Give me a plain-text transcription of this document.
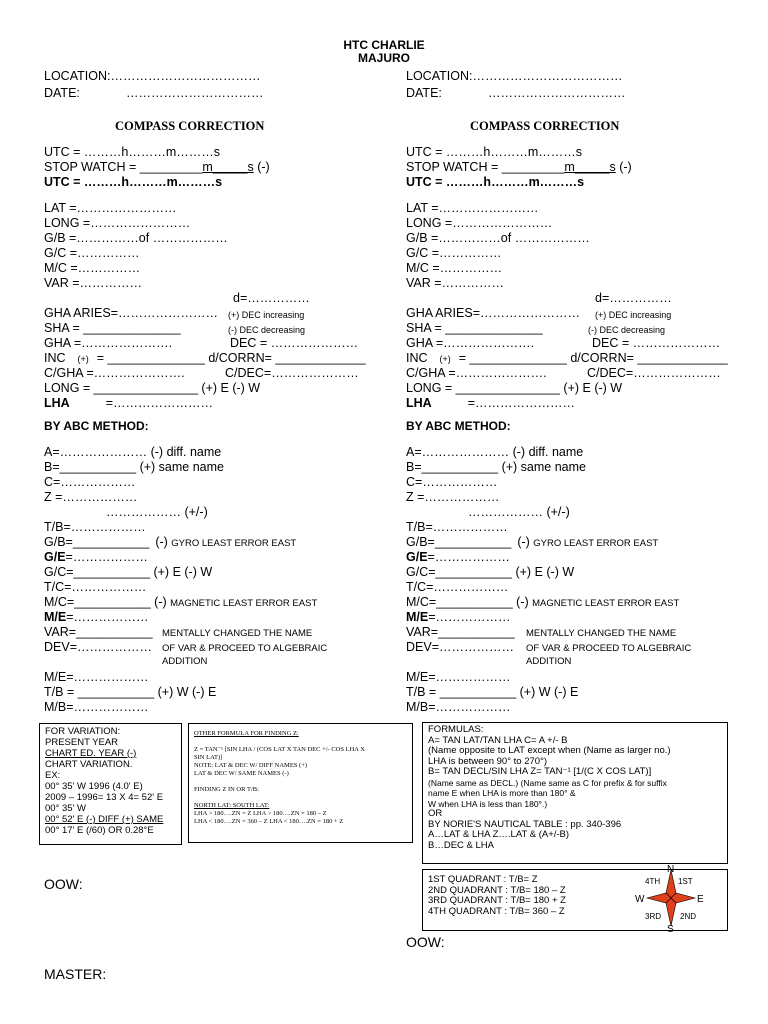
HTC CHARLIE
MAJURO
LOCATION:………………………………
DATE:	……………………………
COMPASS CORRECTION
UTC = ………h………m………s
STOP WATCH = _________m_____s (-)
UTC = ………h………m………s
LAT =……………………
LONG =……………………
G/B =……………of ………………
G/C =……………
M/C =……………
VAR =……………
d=……………
GHA ARIES=…………………… (+) DEC increasing
SHA = ______________	(-) DEC decreasing
GHA =………………….	DEC = …………………
INC (+) = ______________ d/CORRN= _____________
C/GHA =………………….	C/DEC=…………………
LONG = _______________ (+) E (-) W
LHA	=……………………
BY ABC METHOD:
A=………………… (-) diff. name
B=___________ (+) same name
C=………………
Z =………………
……………… (+/-)
T/B=………………
G/B=___________ (-) GYRO LEAST ERROR EAST
G/E=………………
G/C=___________ (+) E (-) W
T/C=………………
M/C=___________ (-) MAGNETIC LEAST ERROR EAST
M/E=………………
VAR=___________ MENTALLY CHANGED THE NAME
DEV=……………… OF VAR & PROCEED TO ALGEBRAIC
ADDITION
M/E=………………
T/B = ___________ (+) W (-) E
M/B=………………
LOCATION:………………………………
DATE:	……………………………
COMPASS CORRECTION
UTC = ………h………m………s
STOP WATCH = _________m_____s (-)
UTC = ………h………m………s
LAT =……………………
LONG =……………………
G/B =……………of ………………
G/C =……………
M/C =……………
VAR =……………
d=……………
GHA ARIES=…………………… (+) DEC increasing
SHA = ______________	(-) DEC decreasing
GHA =………………….	DEC = …………………
INC (+) = ______________ d/CORRN= _____________
C/GHA =………………….	C/DEC=…………………
LONG = _______________ (+) E (-) W
LHA	=……………………
BY ABC METHOD:
A=………………… (-) diff. name
B=___________ (+) same name
C=………………
Z =………………
……………… (+/-)
T/B=………………
G/B=___________ (-) GYRO LEAST ERROR EAST
G/E=………………
G/C=___________ (+) E (-) W
T/C=………………
M/C=___________ (-) MAGNETIC LEAST ERROR EAST
M/E=………………
VAR=___________ MENTALLY CHANGED THE NAME
DEV=……………… OF VAR & PROCEED TO ALGEBRAIC
ADDITION
M/E=………………
T/B = ___________ (+) W (-) E
M/B=………………
FOR VARIATION:
PRESENT YEAR
CHART ED. YEAR (-)
CHART VARIATION.
EX:
00° 35' W 1996 (4.0' E)
2009 – 1996= 13 X 4= 52' E
00° 35' W
00° 52' E (-) DIFF (+) SAME
00° 17' E (/60) OR 0.28°E
OTHER FORMULA FOR FINDING Z:

Z = TAN⁻¹ [SIN LHA / (COS LAT X TAN DEC +/- COS LHA X
SIN LAT)]
NOTE: LAT & DEC W/ DIFF NAMES (+)
LAT & DEC W/ SAME NAMES (-)

FINDING Z IN OR T/B:

NORTH LAT: SOUTH LAT:
LHA > 180….ZN = Z LHA > 180….ZN = 180 – Z
LHA < 180….ZN = 360 – Z LHA < 180….ZN = 180 + Z
FORMULAS:
A= TAN LAT/TAN LHA C= A +/- B
(Name opposite to LAT except when (Name as larger no.)
LHA is between 90° to 270°)
B= TAN DECL/SIN LHA Z= TAN⁻¹ [1/(C X COS LAT)]
(Name same as DECL.) (Name same as C for prefix & for suffix
name E when LHA is more than 180° &
W when LHA is less than 180°.)
OR
BY NORIE'S NAUTICAL TABLE : pp. 340-396
A…LAT & LHA Z….LAT & (A+/-B)
B…DEC & LHA
1ST QUADRANT : T/B= Z
2ND QUADRANT : T/B= 180 – Z
3RD QUADRANT : T/B= 180 + Z
4TH QUADRANT : T/B= 360 – Z
N
S
W	E
1ST
2ND
3RD
4TH
OOW:
OOW:
MASTER:
